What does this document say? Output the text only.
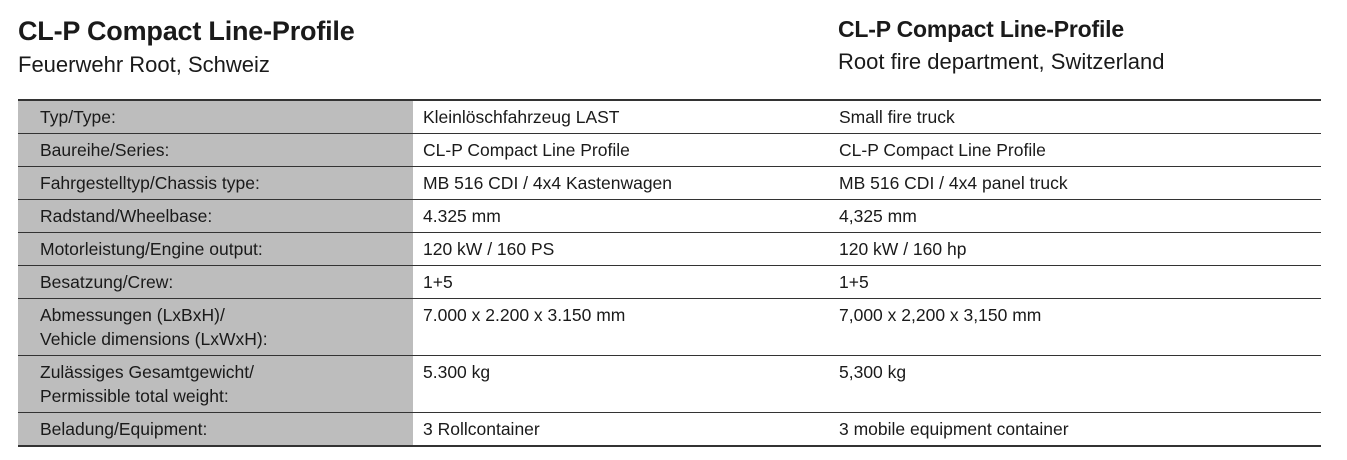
CL-P Compact Line-Profile
Feuerwehr Root, Schweiz
CL-P Compact Line-Profile
Root fire department, Switzerland
Typ/Type:	Kleinlöschfahrzeug LAST	Small fire truck
Baureihe/Series:	CL-P Compact Line Profile	CL-P Compact Line Profile
Fahrgestelltyp/Chassis type:	MB 516 CDI / 4x4 Kastenwagen	MB 516 CDI / 4x4 panel truck
Radstand/Wheelbase:	4.325 mm	4,325 mm
Motorleistung/Engine output:	120 kW / 160 PS	120 kW / 160 hp
Besatzung/Crew:	1+5	1+5

Abmessungen (LxBxH)/
Vehicle dimensions (LxWxH):	7.000 x 2.200 x 3.150 mm	7,000 x 2,200 x 3,150 mm

Zulässiges Gesamtgewicht/
Permissible total weight:	5.300 kg	5,300 kg
Beladung/Equipment:	3 Rollcontainer	3 mobile equipment container
